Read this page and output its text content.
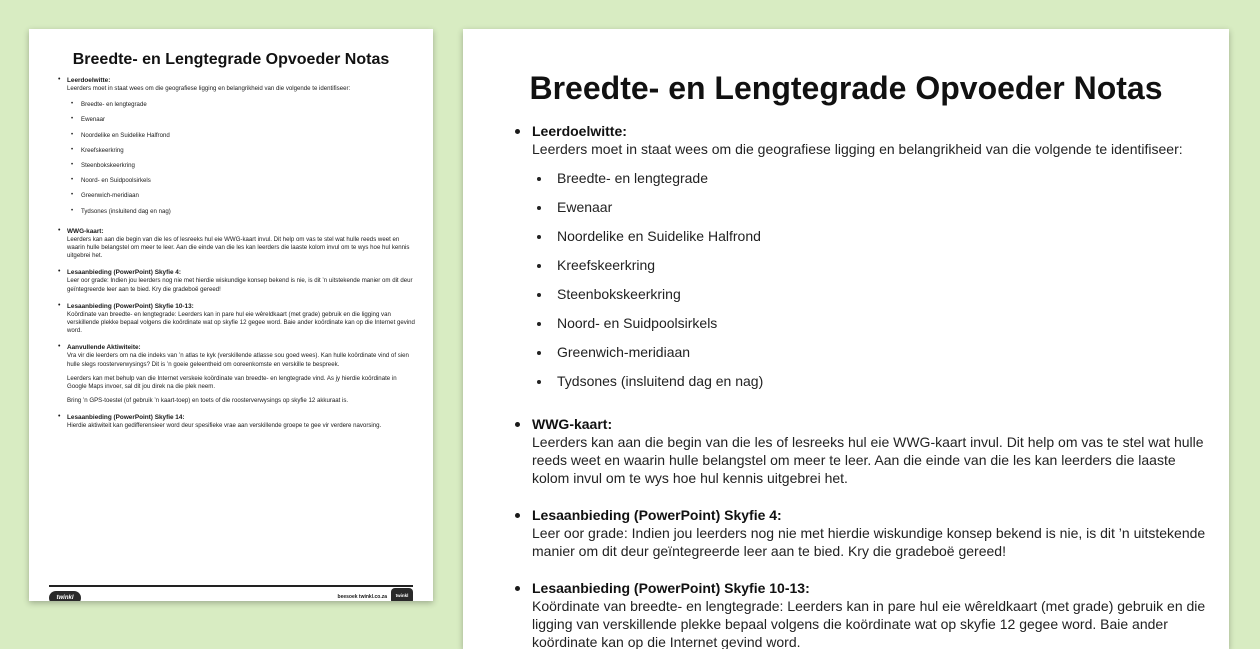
Breedte- en Lengtegrade Opvoeder Notas
• Leerdoelwitte:
Leerders moet in staat wees om die geografiese ligging en belangrikheid van die volgende te identifiseer:
• Breedte- en lengtegrade
• Ewenaar
• Noordelike en Suidelike Halfrond
• Kreefskeerkring
• Steenbokskeerkring
• Noord- en Suidpoolsirkels
• Greenwich-meridiaan
• Tydsones (insluitend dag en nag)
• WWG-kaart:
Leerders kan aan die begin van die les of lesreeks hul eie WWG-kaart invul. Dit help om vas te stel wat hulle reeds weet en waarin hulle belangstel om meer te leer. Aan die einde van die les kan leerders die laaste kolom invul om te wys hoe hul kennis uitgebrei het.
• Lesaanbieding (PowerPoint) Skyfie 4:
Leer oor grade: Indien jou leerders nog nie met hierdie wiskundige konsep bekend is nie, is dit ’n uitstekende manier om dit deur geïntegreerde leer aan te bied. Kry die gradeboë gereed!
• Lesaanbieding (PowerPoint) Skyfie 10-13:
Koördinate van breedte- en lengtegrade: Leerders kan in pare hul eie wêreldkaart (met grade) gebruik en die ligging van verskillende plekke bepaal volgens die koördinate wat op skyfie 12 gegee word. Baie ander koördinate kan op die Internet gevind word.
• Aanvullende Aktiwiteite:
Vra vir die leerders om na die indeks van ’n atlas te kyk (verskillende atlasse sou goed wees). Kan hulle koördinate vind of sien hulle slegs roosterverwysings? Dit is ’n goeie geleentheid om ooreenkomste en verskille te bespreek.
Leerders kan met behulp van die Internet verskeie koördinate van breedte- en lengtegrade vind. As jy hierdie koördinate in Google Maps invoer, sal dit jou direk na die plek neem.
Bring ’n GPS-toestel (of gebruik ’n kaart-toep) en toets of die roosterverwysings op skyfie 12 akkuraat is.
• Lesaanbieding (PowerPoint) Skyfie 14:
Hierdie aktiwiteit kan gedifferensieer word deur spesifieke vrae aan verskillende groepe te gee vir verdere navorsing.
twinkl	beesoek twinkl.co.za	twinkl
Breedte- en Lengtegrade Opvoeder Notas
Leerdoelwitte:
Leerders moet in staat wees om die geografiese ligging en belangrikheid van die volgende te identifiseer:
Breedte- en lengtegrade
Ewenaar
Noordelike en Suidelike Halfrond
Kreefskeerkring
Steenbokskeerkring
Noord- en Suidpoolsirkels
Greenwich-meridiaan
Tydsones (insluitend dag en nag)
WWG-kaart:
Leerders kan aan die begin van die les of lesreeks hul eie WWG-kaart invul. Dit help om vas te stel wat hulle reeds weet en waarin hulle belangstel om meer te leer. Aan die einde van die les kan leerders die laaste kolom invul om te wys hoe hul kennis uitgebrei het.
Lesaanbieding (PowerPoint) Skyfie 4:
Leer oor grade: Indien jou leerders nog nie met hierdie wiskundige konsep bekend is nie, is dit ’n uitstekende manier om dit deur geïntegreerde leer aan te bied. Kry die gradeboë gereed!
Lesaanbieding (PowerPoint) Skyfie 10-13:
Koördinate van breedte- en lengtegrade: Leerders kan in pare hul eie wêreldkaart (met grade) gebruik en die ligging van verskillende plekke bepaal volgens die koördinate wat op skyfie 12 gegee word. Baie ander koördinate kan op die Internet gevind word.
